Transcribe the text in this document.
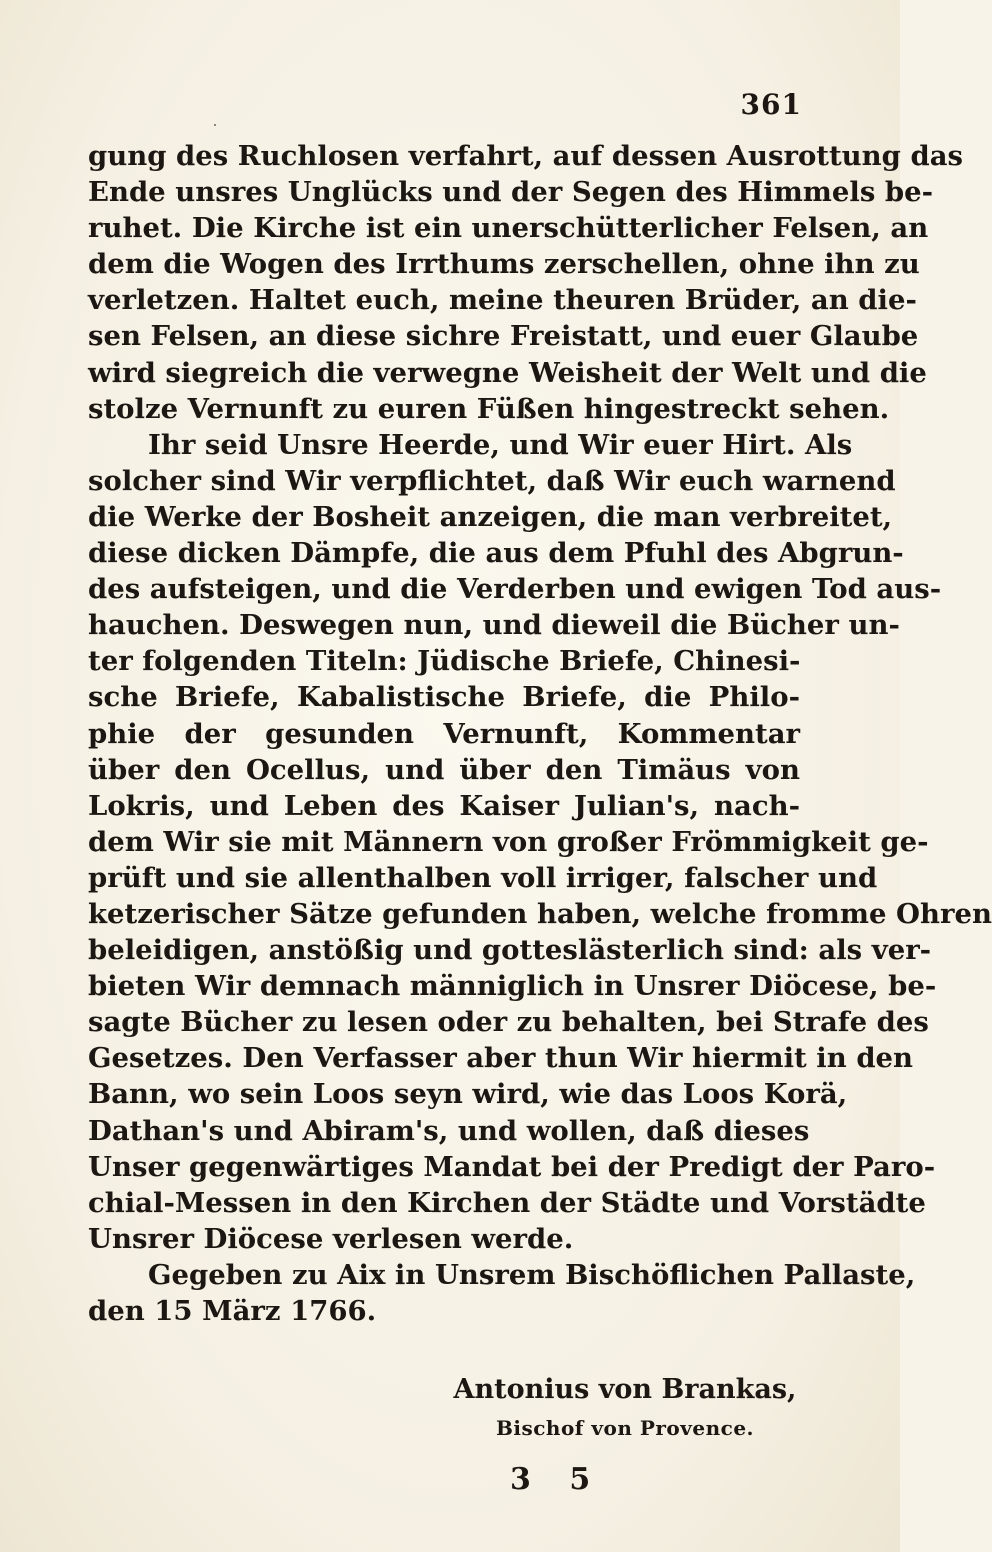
361
gung des Ruchlosen verfahrt, auf dessen Ausrottung das
Ende unsres Unglücks und der Segen des Himmels be-
ruhet. Die Kirche ist ein unerschütterlicher Felsen, an
dem die Wogen des Irrthums zerschellen, ohne ihn zu
verletzen. Haltet euch, meine theuren Brüder, an die-
sen Felsen, an diese sichre Freistatt, und euer Glaube
wird siegreich die verwegne Weisheit der Welt und die
stolze Vernunft zu euren Füßen hingestreckt sehen.
Ihr seid Unsre Heerde, und Wir euer Hirt. Als
solcher sind Wir verpflichtet, daß Wir euch warnend
die Werke der Bosheit anzeigen, die man verbreitet,
diese dicken Dämpfe, die aus dem Pfuhl des Abgrun-
des aufsteigen, und die Verderben und ewigen Tod aus-
hauchen. Deswegen nun, und dieweil die Bücher un-
ter folgenden Titeln: Jüdische Briefe, Chinesi-
sche Briefe, Kabalistische Briefe, die Philo-
phie der gesunden Vernunft, Kommentar
über den Ocellus, und über den Timäus von
Lokris, und Leben des Kaiser Julian's, nach-
dem Wir sie mit Männern von großer Frömmigkeit ge-
prüft und sie allenthalben voll irriger, falscher und
ketzerischer Sätze gefunden haben, welche fromme Ohren
beleidigen, anstößig und gotteslästerlich sind: als ver-
bieten Wir demnach männiglich in Unsrer Diöcese, be-
sagte Bücher zu lesen oder zu behalten, bei Strafe des
Gesetzes. Den Verfasser aber thun Wir hiermit in den
Bann, wo sein Loos seyn wird, wie das Loos Korä,
Dathan's und Abiram's, und wollen, daß dieses
Unser gegenwärtiges Mandat bei der Predigt der Paro-
chial-Messen in den Kirchen der Städte und Vorstädte
Unsrer Diöcese verlesen werde.
Gegeben zu Aix in Unsrem Bischöflichen Pallaste,
den 15 März 1766.
Antonius von Brankas,
Bischof von Provence.
3 5
